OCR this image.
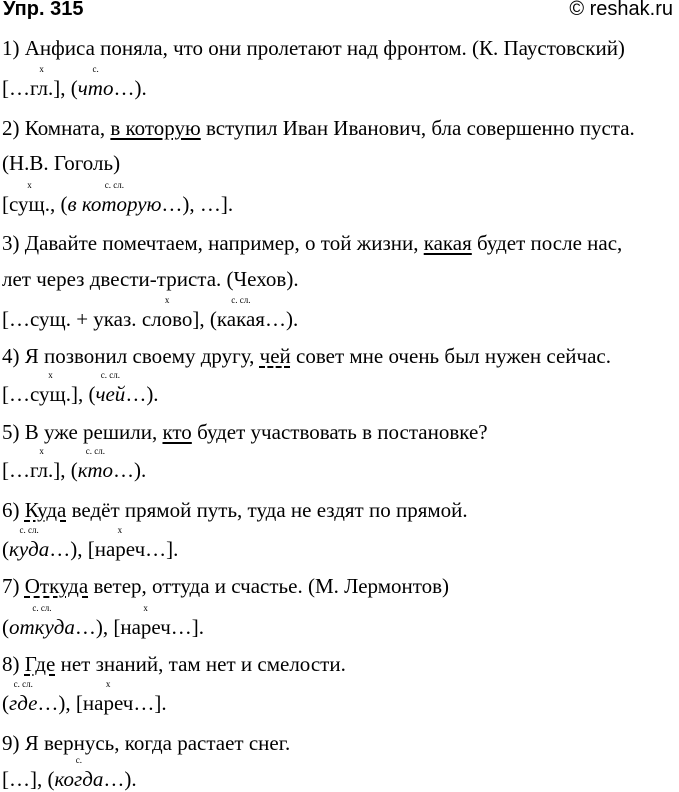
Упр. 315	© reshak.ru
1) Анфиса поняла, что они пролетают над фронтом. (К. Паустовский)
[…x гл.], (с. что…).
2) Комната, в которую вступил Иван Иванович, бла совершенно пуста.
(Н.В. Гоголь)
[x сущ., (с. сл. в которую…), …].
3) Давайте помечтаем, например, о той жизни, какая будет после нас,
лет через двести-триста. (Чехов).
[…сущ. + указ. x слово], (с. сл. какая…).
4) Я позвонил своему другу, чей совет мне очень был нужен сейчас.
[…x сущ.], (с. сл. чей…).
5) В уже решили, кто будет участвовать в постановке?
[…x гл.], (с. сл. кто…).
6) Куда ведёт прямой путь, туда не ездят по прямой.
(с. сл. куда…), [x нареч…].
7) Откуда ветер, оттуда и счастье. (М. Лермонтов)
(с. сл. откуда…), [x нареч…].
8) Где нет знаний, там нет и смелости.
(с. сл. где…), [x нареч…].
9) Я вернусь, когда растает снег.
[…], (с. когда…).
